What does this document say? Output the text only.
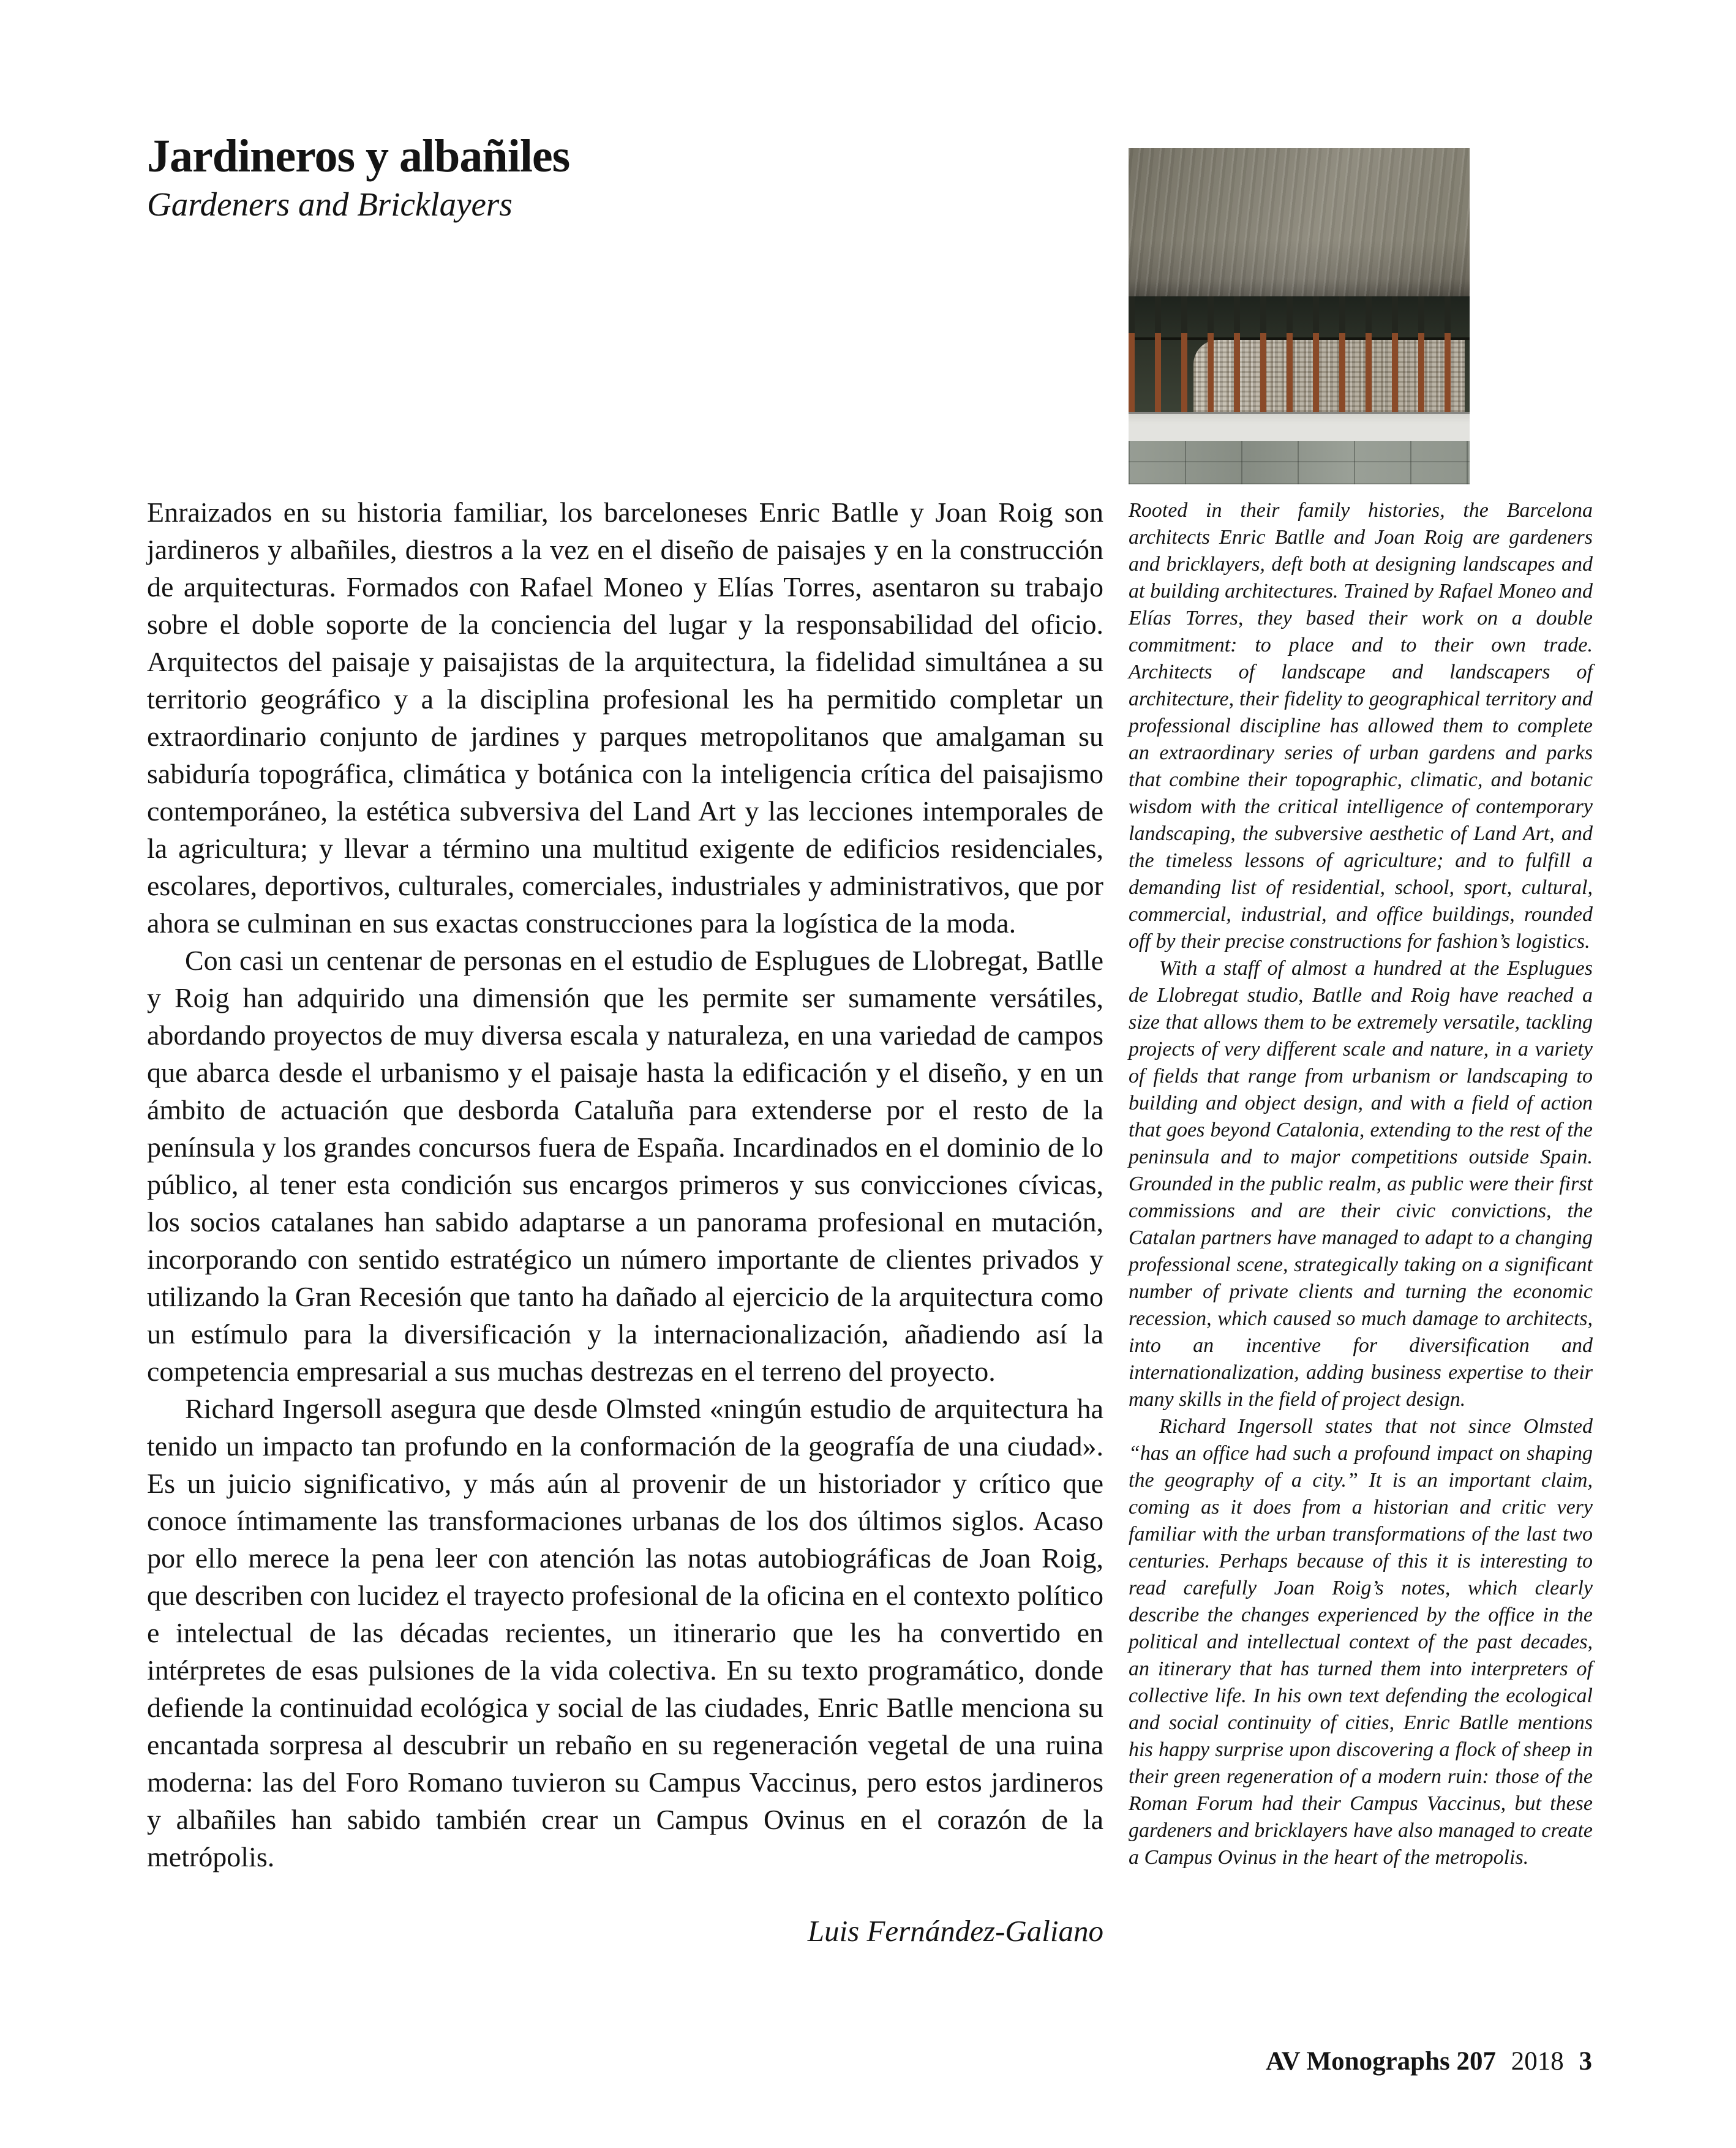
Jardineros y albañiles
Gardeners and Bricklayers

Enraizados en su historia familiar, los barceloneses Enric Batlle y Joan Roig son jardineros y albañiles, diestros a la vez en el diseño de paisajes y en la construcción de arquitecturas. Formados con Rafael Moneo y Elías Torres, asentaron su trabajo sobre el doble soporte de la conciencia del lugar y la responsabilidad del oficio. Arquitectos del paisaje y paisajistas de la arquitectura, la fidelidad simultánea a su territorio geográfico y a la disciplina profesional les ha permitido completar un extraordinario conjunto de jardines y parques metropolitanos que amalgaman su sabiduría topográfica, climática y botánica con la inteligencia crítica del paisajismo contemporáneo, la estética subversiva del Land Art y las lecciones intemporales de la agricultura; y llevar a término una multitud exigente de edificios residenciales, escolares, deportivos, culturales, comerciales, industriales y administrativos, que por ahora se culminan en sus exactas construcciones para la logística de la moda.

Con casi un centenar de personas en el estudio de Esplugues de Llobregat, Batlle y Roig han adquirido una dimensión que les permite ser sumamente versátiles, abordando proyectos de muy diversa escala y naturaleza, en una variedad de campos que abarca desde el urbanismo y el paisaje hasta la edificación y el diseño, y en un ámbito de actuación que desborda Cataluña para extenderse por el resto de la península y los grandes concursos fuera de España. Incardinados en el dominio de lo público, al tener esta condición sus encargos primeros y sus convicciones cívicas, los socios catalanes han sabido adaptarse a un panorama profesional en mutación, incorporando con sentido estratégico un número importante de clientes privados y utilizando la Gran Recesión que tanto ha dañado al ejercicio de la arquitectura como un estímulo para la diversificación y la internacionalización, añadiendo así la competencia empresarial a sus muchas destrezas en el terreno del proyecto.

Richard Ingersoll asegura que desde Olmsted «ningún estudio de arquitectura ha tenido un impacto tan profundo en la conformación de la geografía de una ciudad». Es un juicio significativo, y más aún al provenir de un historiador y crítico que conoce íntimamente las transformaciones urbanas de los dos últimos siglos. Acaso por ello merece la pena leer con atención las notas autobiográficas de Joan Roig, que describen con lucidez el trayecto profesional de la oficina en el contexto político e intelectual de las décadas recientes, un itinerario que les ha convertido en intérpretes de esas pulsiones de la vida colectiva. En su texto programático, donde defiende la continuidad ecológica y social de las ciudades, Enric Batlle menciona su encantada sorpresa al descubrir un rebaño en su regeneración vegetal de una ruina moderna: las del Foro Romano tuvieron su Campus Vaccinus, pero estos jardineros y albañiles han sabido también crear un Campus Ovinus en el corazón de la metrópolis.

Luis Fernández-Galiano

Rooted in their family histories, the Barcelona architects Enric Batlle and Joan Roig are gardeners and bricklayers, deft both at designing landscapes and at building architectures. Trained by Rafael Moneo and Elías Torres, they based their work on a double commitment: to place and to their own trade. Architects of landscape and landscapers of architecture, their fidelity to geographical territory and professional discipline has allowed them to complete an extraordinary series of urban gardens and parks that combine their topographic, climatic, and botanic wisdom with the critical intelligence of contemporary landscaping, the subversive aesthetic of Land Art, and the timeless lessons of agriculture; and to fulfill a demanding list of residential, school, sport, cultural, commercial, industrial, and office buildings, rounded off by their precise constructions for fashion’s logistics.

With a staff of almost a hundred at the Esplugues de Llobregat studio, Batlle and Roig have reached a size that allows them to be extremely versatile, tackling projects of very different scale and nature, in a variety of fields that range from urbanism or landscaping to building and object design, and with a field of action that goes beyond Catalonia, extending to the rest of the peninsula and to major competitions outside Spain. Grounded in the public realm, as public were their first commissions and are their civic convictions, the Catalan partners have managed to adapt to a changing professional scene, strategically taking on a significant number of private clients and turning the economic recession, which caused so much damage to architects, into an incentive for diversification and internationalization, adding business expertise to their many skills in the field of project design.

Richard Ingersoll states that not since Olmsted “has an office had such a profound impact on shaping the geography of a city.” It is an important claim, coming as it does from a historian and critic very familiar with the urban transformations of the last two centuries. Perhaps because of this it is interesting to read carefully Joan Roig’s notes, which clearly describe the changes experienced by the office in the political and intellectual context of the past decades, an itinerary that has turned them into interpreters of collective life. In his own text defending the ecological and social continuity of cities, Enric Batlle mentions his happy surprise upon discovering a flock of sheep in their green regeneration of a modern ruin: those of the Roman Forum had their Campus Vaccinus, but these gardeners and bricklayers have also managed to create a Campus Ovinus in the heart of the metropolis.

AV Monographs 207 2018 3
